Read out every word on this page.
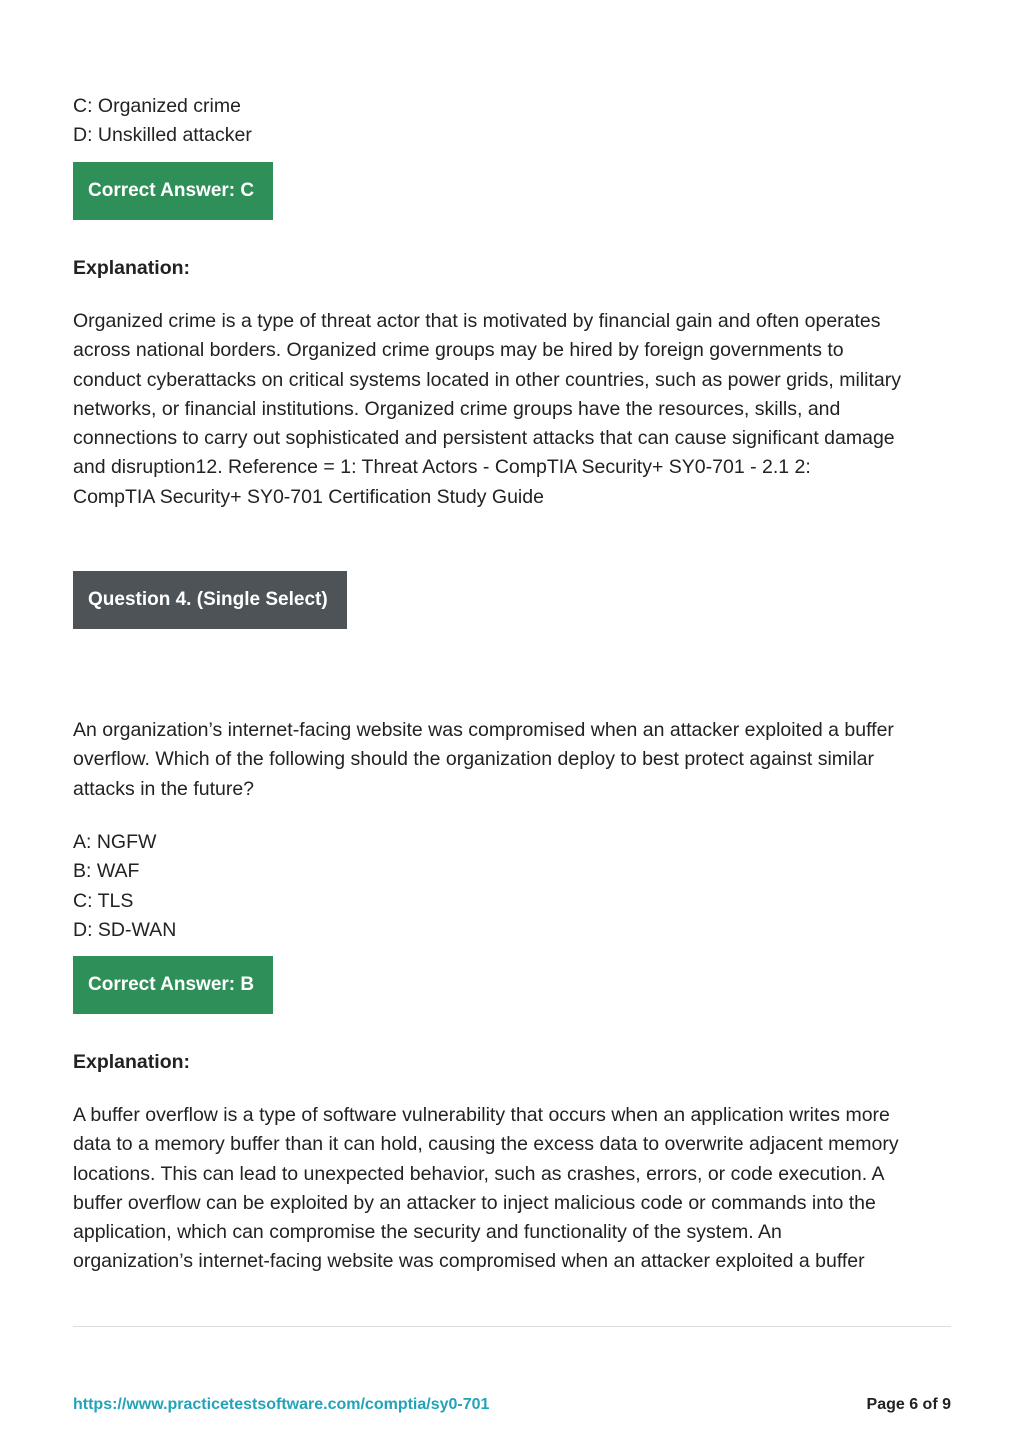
C: Organized crime

D: Unskilled attacker

Correct Answer: C

Explanation:

Organized crime is a type of threat actor that is motivated by financial gain and often operates

across national borders. Organized crime groups may be hired by foreign governments to

conduct cyberattacks on critical systems located in other countries, such as power grids, military

networks, or financial institutions. Organized crime groups have the resources, skills, and

connections to carry out sophisticated and persistent attacks that can cause significant damage

and disruption12. Reference = 1: Threat Actors - CompTIA Security+ SY0-701 - 2.1 2:

CompTIA Security+ SY0-701 Certification Study Guide

Question 4. (Single Select)

An organization’s internet-facing website was compromised when an attacker exploited a buffer

overflow. Which of the following should the organization deploy to best protect against similar

attacks in the future?

A: NGFW

B: WAF

C: TLS

D: SD-WAN

Correct Answer: B

Explanation:

A buffer overflow is a type of software vulnerability that occurs when an application writes more

data to a memory buffer than it can hold, causing the excess data to overwrite adjacent memory

locations. This can lead to unexpected behavior, such as crashes, errors, or code execution. A

buffer overflow can be exploited by an attacker to inject malicious code or commands into the

application, which can compromise the security and functionality of the system. An

organization’s internet-facing website was compromised when an attacker exploited a buffer

https://www.practicetestsoftware.com/comptia/sy0-701	Page 6 of 9
